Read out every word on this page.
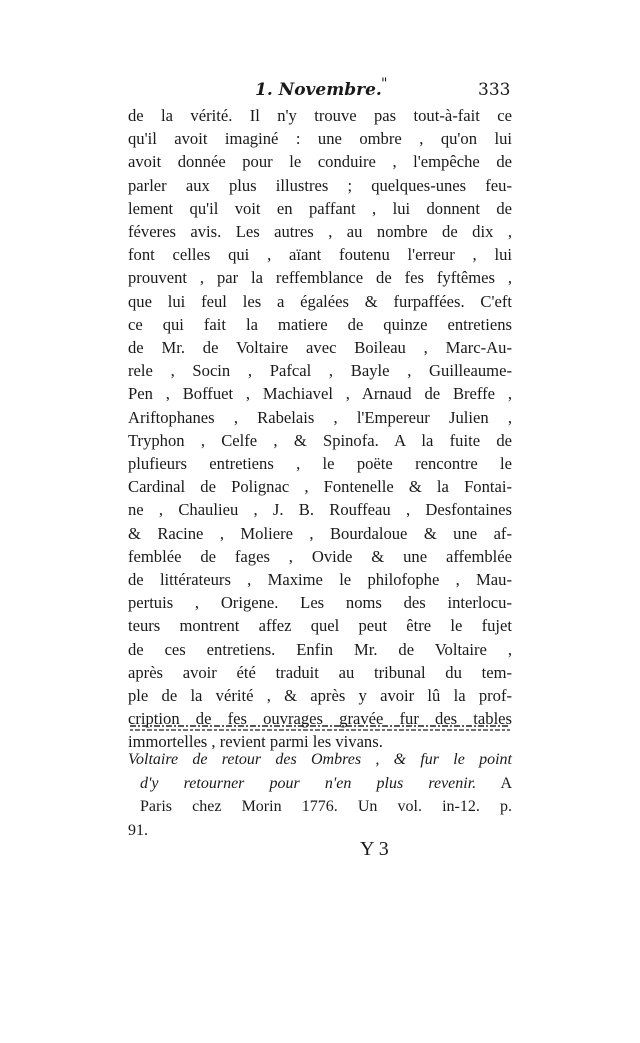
1. Novembre. "	333
de la vérité. Il n'y trouve pas tout-à-fait ce
qu'il avoit imaginé : une ombre , qu'on lui
avoit donnée pour le conduire , l'empêche de
parler aux plus illustres ; quelques-unes feu-
lement qu'il voit en paffant , lui donnent de
féveres avis. Les autres , au nombre de dix ,
font celles qui , aïant foutenu l'erreur , lui
prouvent , par la reffemblance de fes fyftêmes ,
que lui feul les a égalées & furpaffées. C'eft
ce qui fait la matiere de quinze entretiens
de Mr. de Voltaire avec Boileau , Marc-Au-
rele , Socin , Pafcal , Bayle , Guilleaume-
Pen , Boffuet , Machiavel , Arnaud de Breffe ,
Ariftophanes , Rabelais , l'Empereur Julien ,
Tryphon , Celfe , & Spinofa. A la fuite de
plufieurs entretiens , le poëte rencontre le
Cardinal de Polignac , Fontenelle & la Fontai-
ne , Chaulieu , J. B. Rouffeau , Desfontaines
& Racine , Moliere , Bourdaloue & une af-
femblée de fages , Ovide & une affemblée
de littérateurs , Maxime le philofophe , Mau-
pertuis , Origene. Les noms des interlocu-
teurs montrent affez quel peut être le fujet
de ces entretiens. Enfin Mr. de Voltaire ,
après avoir été traduit au tribunal du tem-
ple de la vérité , & après y avoir lû la prof-
cription de fes ouvrages gravée fur des tables
immortelles , revient parmi les vivans.
Voltaire de retour des Ombres , & fur le point
d'y retourner pour n'en plus revenir. A
Paris chez Morin 1776. Un vol. in-12. p.
91.
Y 3
